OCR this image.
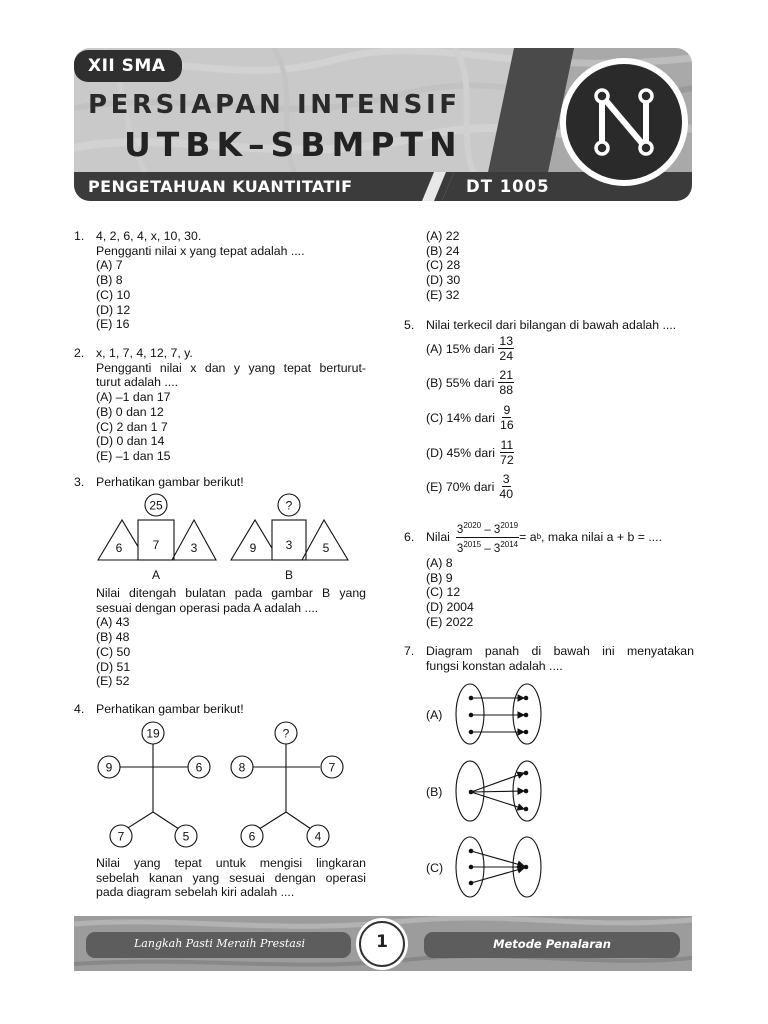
XII SMA
PERSIAPAN INTENSIF
UTBK–SBMPTN
PENGETAHUAN KUANTITATIF	DT 1005
1. 4, 2, 6, 4, x, 10, 30.
Pengganti nilai x yang tepat adalah ....
(A) 7
(B) 8
(C) 10
(D) 12
(E) 16
2. x, 1, 7, 4, 12, 7, y.
Pengganti nilai x dan y yang tepat berturut-
turut adalah ....
(A) –1 dan 17
(B) 0 dan 12
(C) 2 dan 1 7
(D) 0 dan 14
(E) –1 dan 15
3. Perhatikan gambar berikut!
25
6	7	3
A
?
9 3	5
B
Nilai ditengah bulatan pada gambar B yang
sesuai dengan operasi pada A adalah ....
(A) 43
(B) 48
(C) 50
(D) 51
(E) 52
4. Perhatikan gambar berikut!
19
9	6
7	5
?
8	7
6	4
Nilai yang tepat untuk mengisi lingkaran
sebelah kanan yang sesuai dengan operasi
pada diagram sebelah kiri adalah ....
(A) 22
(B) 24
(C) 28
(D) 30
(E) 32
5. Nilai terkecil dari bilangan di bawah adalah ....
(A)
15% dari $\frac{13}{24}$
(B)
55% dari $\frac{21}{88}$
(C)
14% dari $\frac{9}{16}$
(D)
45% dari $\frac{11}{72}$
(E)
70% dari $\frac{3}{40}$
6. Nilai $\frac{3^{2020} - 3^{2019}}{3^{2015} - 3^{2014}} = a$ b , maka nilai a + b = ....
(A) 8
(B) 9
(C) 12
(D) 2004
(E) 2022
7. Diagram panah di bawah ini menyatakan
fungsi konstan adalah ....
(A)
(B)
(C)
Langkah Pasti Meraih Prestasi	1	Metode Penalaran
